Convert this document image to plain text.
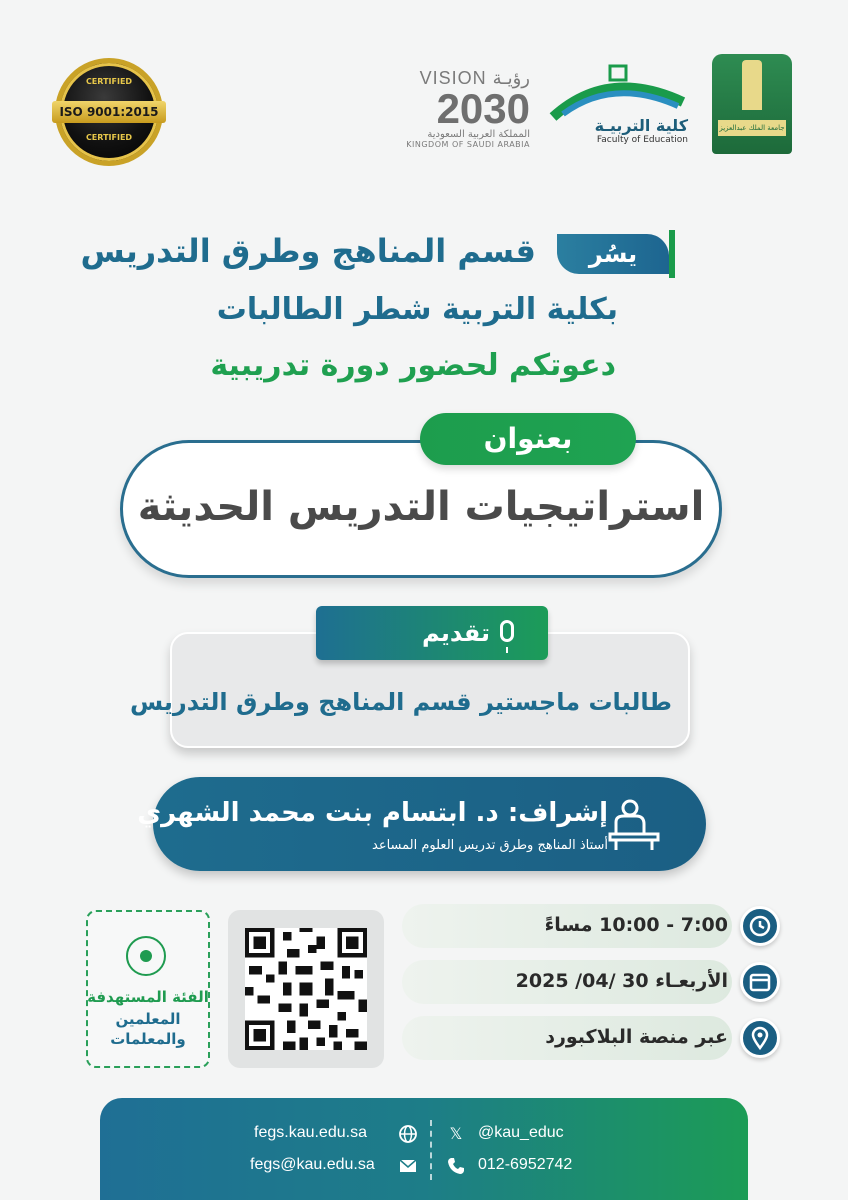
CERTIFIED
ISO 9001:2015
CERTIFIED
VISION رؤيـة
2030
المملكة العربية السعودية
KINGDOM OF SAUDI ARABIA
كلية التربيـة
Faculty of Education
جامعة الملك عبدالعزيز
يسُر
قسم المناهج وطرق التدريس
بكلية التربية شطر الطالبات
دعوتكم لحضور دورة تدريبية
بعنوان
استراتيجيات التدريس الحديثة
تقديم
طالبات ماجستير قسم المناهج وطرق التدريس
إشراف: د. ابتسام بنت محمد الشهري
أستاذ المناهج وطرق تدريس العلوم المساعد
الفئة المستهدفة
المعلمين
والمعلمات
7:00 - 10:00 مساءً
الأربعـاء 30 /04/ 2025
عبر منصة البلاكبورد
fegs.kau.edu.sa
fegs@kau.edu.sa
𝕏 @kau_educ
012-6952742
